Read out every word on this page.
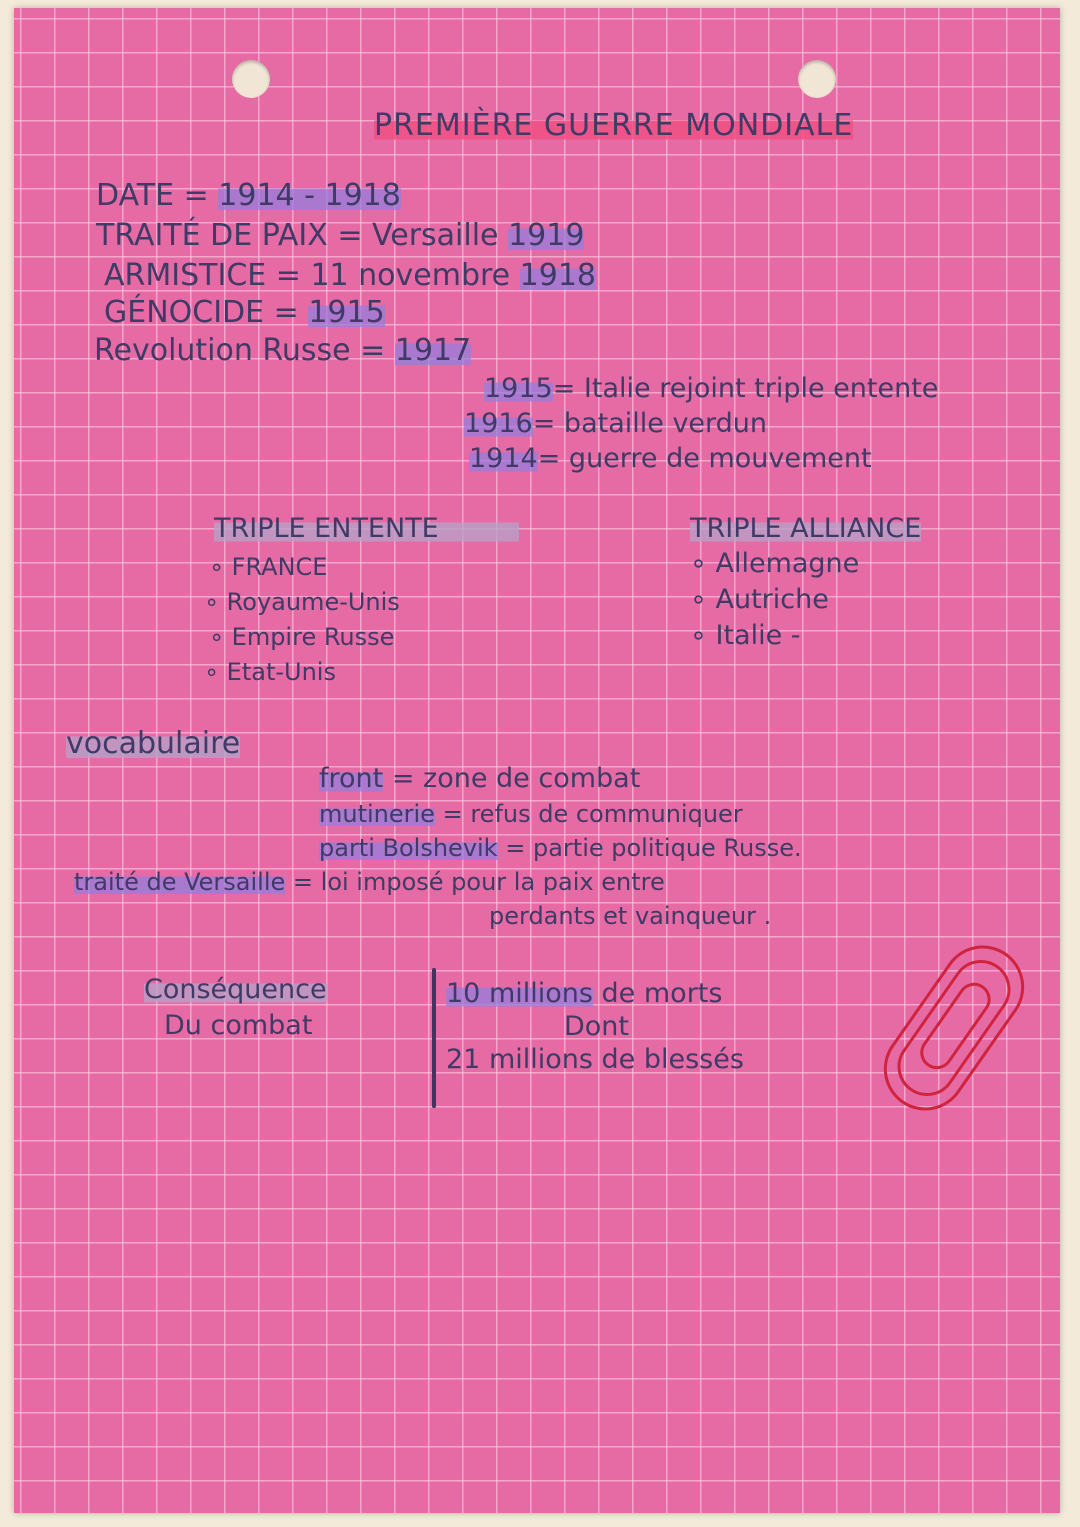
PREMIÈRE GUERRE MONDIALE
DATE = 1914 - 1918
TRAITÉ DE PAIX = Versaille 1919
ARMISTICE = 11 novembre 1918
GÉNOCIDE = 1915
Revolution Russe = 1917
1915= Italie rejoint triple entente
1916= bataille verdun
1914= guerre de mouvement
TRIPLE ENTENTE
∘ FRANCE
∘ Royaume-Unis
∘ Empire Russe
∘ Etat-Unis
TRIPLE ALLIANCE
∘ Allemagne
∘ Autriche
∘ Italie -
vocabulaire
front = zone de combat
mutinerie = refus de communiquer
parti Bolshevik = partie politique Russe.
traité de Versaille = loi imposé pour la paix entre
perdants et vainqueur .
Conséquence
Du combat
10 millions de morts
Dont
21 millions de blessés
